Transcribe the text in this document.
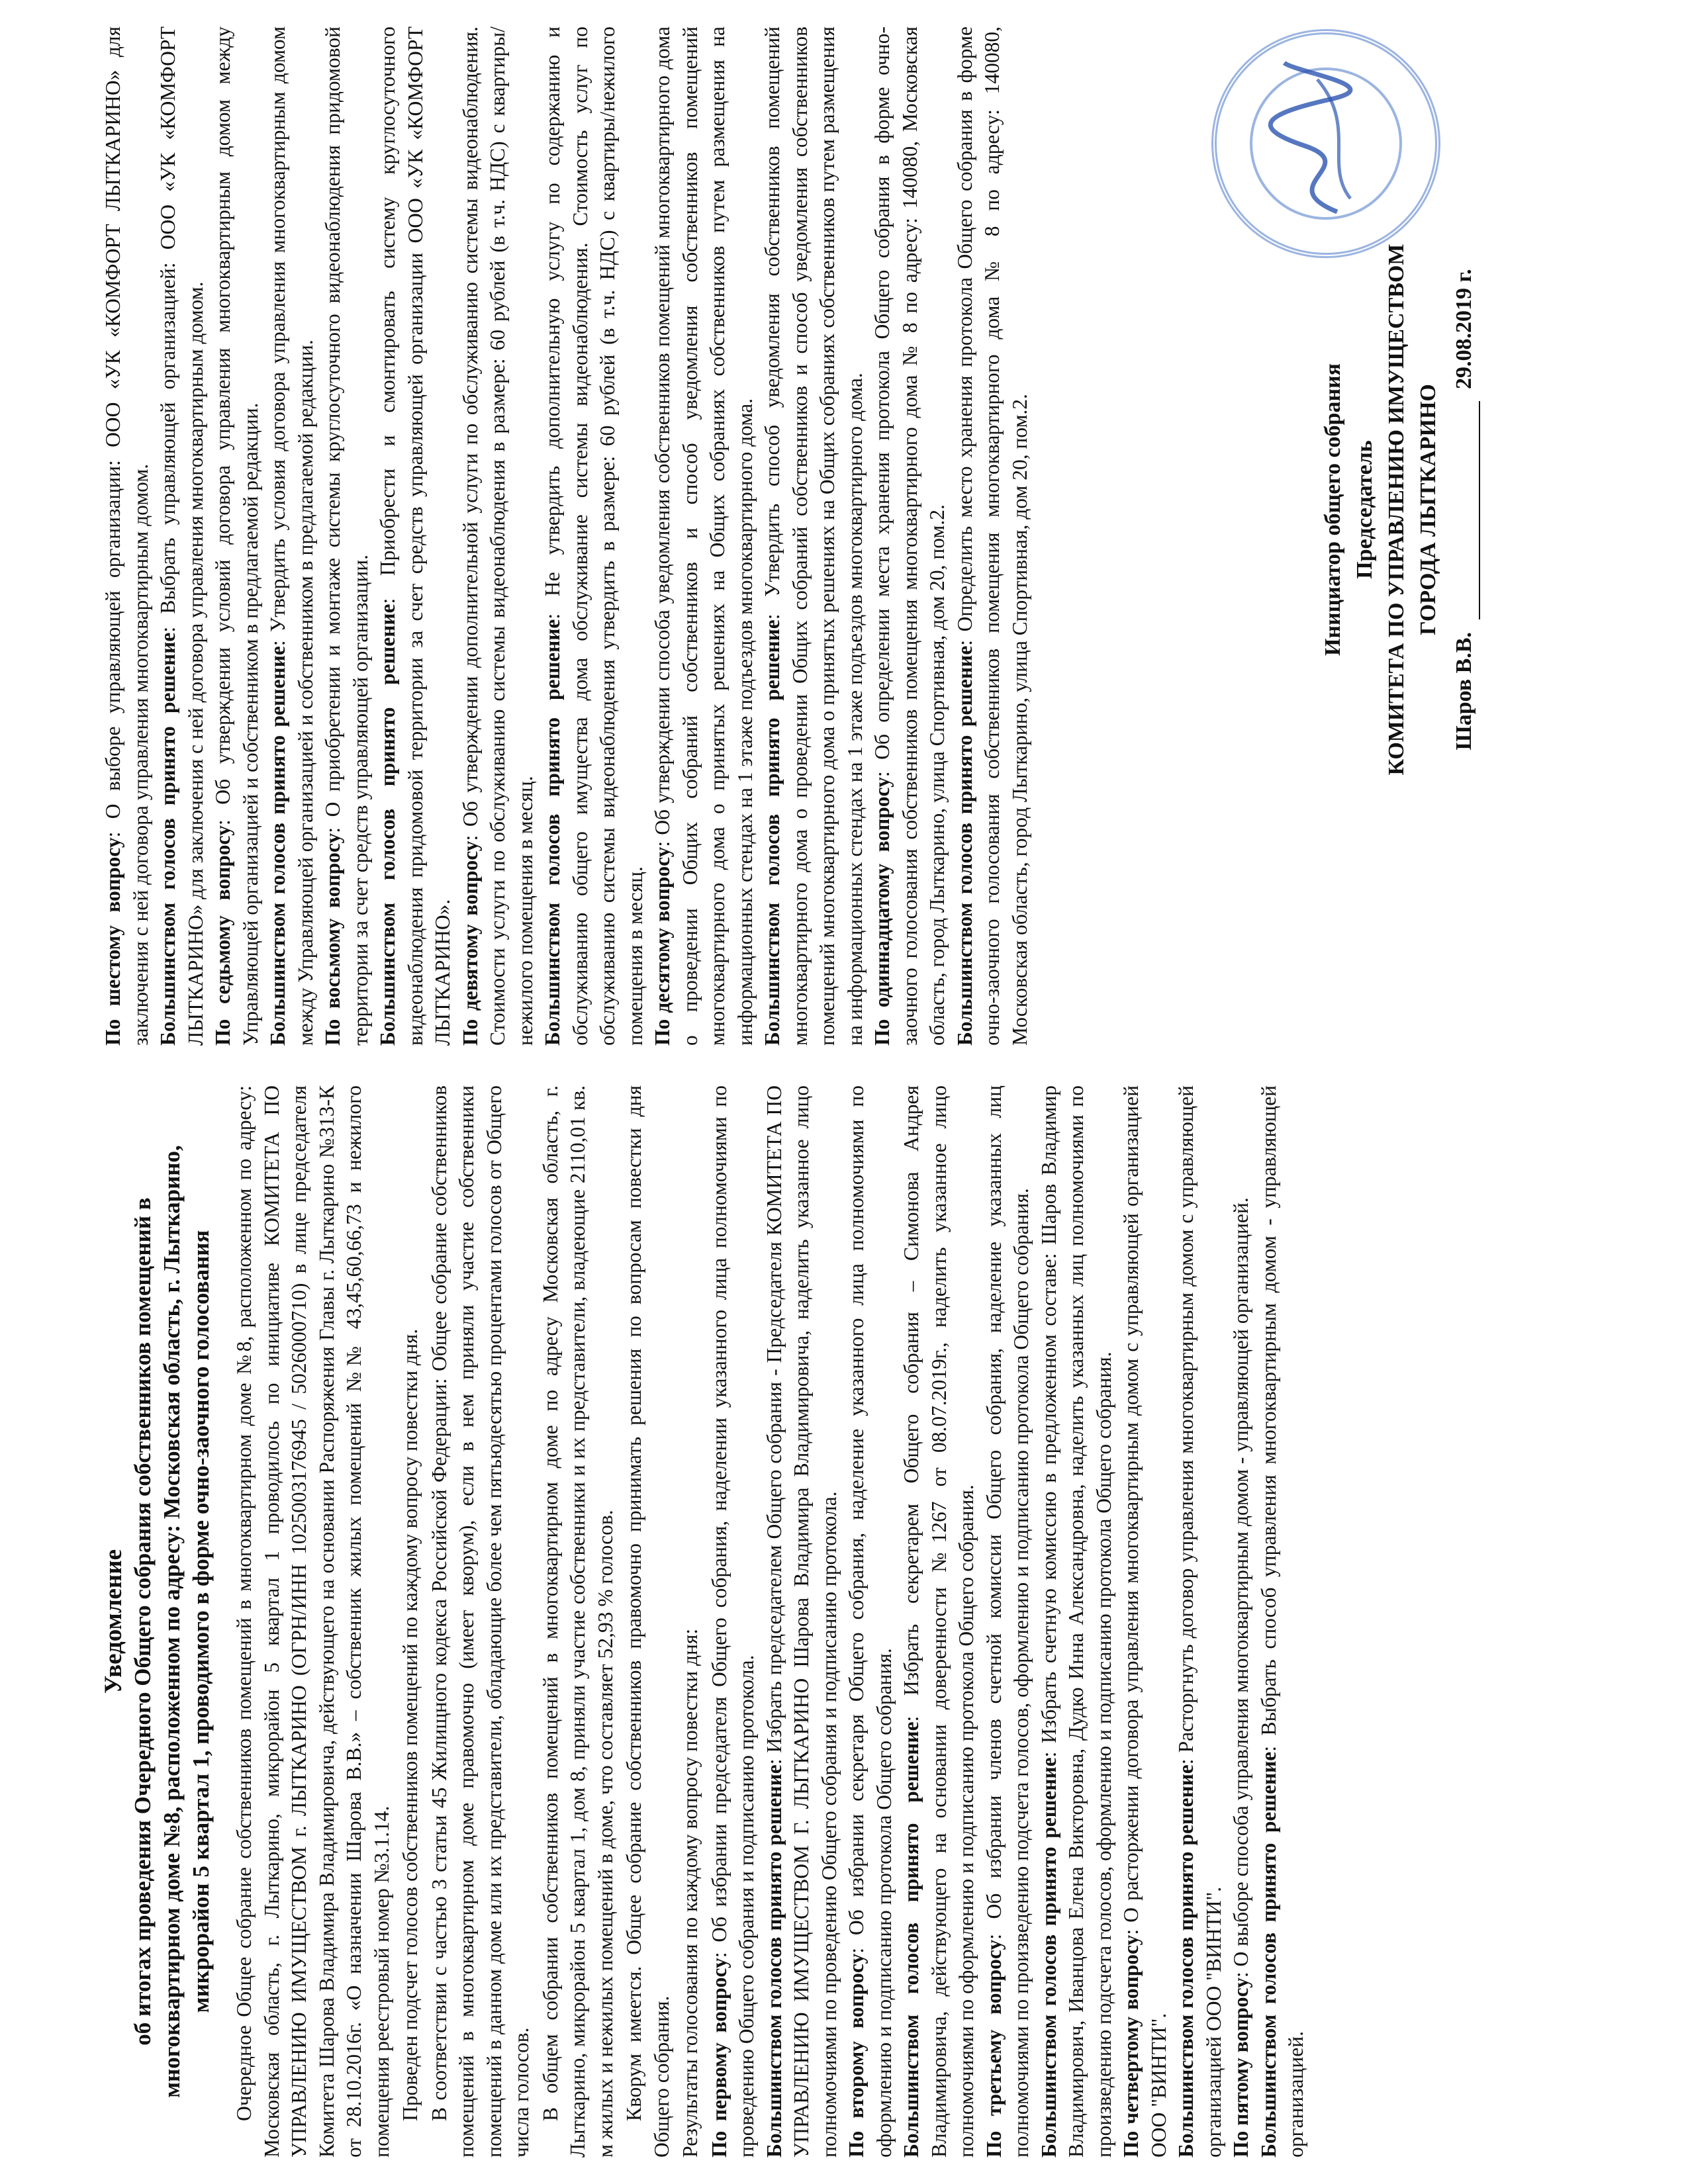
Уведомление об итогах проведения Очередного Общего собрания собственников помещений в многоквартирном доме №8, расположенном по адресу: Московская область, г. Лыткарино, микрорайон 5 квартал 1, проводимого в форме очно-заочного голосования Очередное Общее собрание собственников помещений в многоквартирном доме №8, расположенном по адресу: Московская область, г. Лыткарино, микрорайон 5 квартал 1 проводилось по инициативе КОМИТЕТА ПО УПРАВЛЕНИЮ ИМУЩЕСТВОМ г. ЛЫТКАРИНО (ОГРН/ИНН 1025003176945 / 5026000710) в лице председателя Комитета Шарова Владимира Владимировича, действующего на основании Распоряжения Главы г. Лыткарино №313-К от 28.10.2016г. «О назначении Шарова В.В.» – собственник жилых помещений №№ 43,45,60,66,73 и нежилого помещения реестровый номер №3.1.14. Проведен подсчет голосов собственников помещений по каждому вопросу повестки дня. В соответствии с частью 3 статьи 45 Жилищного кодекса Российской Федерации: Общее собрание собственников помещений в многоквартирном доме правомочно (имеет кворум), если в нем приняли участие собственники помещений в данном доме или их представители, обладающие более чем пятьюдесятью процентами голосов от Общего числа голосов. В общем собрании собственников помещений в многоквартирном доме по адресу Московская область, г. Лыткарино, микрорайон 5 квартал 1, дом 8, приняли участие собственники и их представители, владеющие 2110,01 кв. м жилых и нежилых помещений в доме, что составляет 52,93 % голосов. Кворум имеется. Общее собрание собственников правомочно принимать решения по вопросам повестки дня Общего собрания. Результаты голосования по каждому вопросу повестки дня: По первому вопросу: Об избрании председателя Общего собрания, наделении указанного лица полномочиями по проведению Общего собрания и подписанию протокола. Большинством голосов принято решение: Избрать председателем Общего собрания - Председателя КОМИТЕТА ПО УПРАВЛЕНИЮ ИМУЩЕСТВОМ Г. ЛЫТКАРИНО Шарова Владимира Владимировича, наделить указанное лицо полномочиями по проведению Общего собрания и подписанию протокола. По второму вопросу: Об избрании секретаря Общего собрания, наделение указанного лица полномочиями по оформлению и подписанию протокола Общего собрания. Большинством голосов принято решение: Избрать секретарем Общего собрания – Симонова Андрея Владимировича, действующего на основании доверенности №1267 от 08.07.2019г., наделить указанное лицо полномочиями по оформлению и подписанию протокола Общего собрания. По третьему вопросу: Об избрании членов счетной комиссии Общего собрания, наделение указанных лиц полномочиями по произведению подсчета голосов, оформлению и подписанию протокола Общего собрания. Большинством голосов принято решение: Избрать счетную комиссию в предложенном составе: Шаров Владимир Владимирович, Иванцова Елена Викторовна, Дудко Инна Александровна, наделить указанных лиц полномочиями по произведению подсчета голосов, оформлению и подписанию протокола Общего собрания. По четвертому вопросу: О расторжении договора управления многоквартирным домом с управляющей организацией ООО "ВИНТИ". Большинством голосов принято решение: Расторгнуть договор управления многоквартирным домом с управляющей организацией ООО "ВИНТИ". По пятому вопросу: О выборе способа управления многоквартирным домом - управляющей организацией. Большинством голосов принято решение: Выбрать способ управления многоквартирным домом - управляющей организацией.

По шестому вопросу: О выборе управляющей организации: ООО «УК «КОМФОРТ ЛЫТКАРИНО» для заключения с ней договора управления многоквартирным домом. Большинством голосов принято решение: Выбрать управляющей организацией: ООО «УК «КОМФОРТ ЛЫТКАРИНО» для заключения с ней договора управления многоквартирным домом. По седьмому вопросу: Об утверждении условий договора управления многоквартирным домом между Управляющей организацией и собственником в предлагаемой редакции. Большинством голосов принято решение: Утвердить условия договора управления многоквартирным домом между Управляющей организацией и собственником в предлагаемой редакции. По восьмому вопросу: О приобретении и монтаже системы круглосуточного видеонаблюдения придомовой территории за счет средств управляющей организации. Большинством голосов принято решение: Приобрести и смонтировать систему круглосуточного видеонаблюдения придомовой территории за счет средств управляющей организации ООО «УК «КОМФОРТ ЛЫТКАРИНО». По девятому вопросу: Об утверждении дополнительной услуги по обслуживанию системы видеонаблюдения. Стоимости услуги по обслуживанию системы видеонаблюдения в размере: 60 рублей (в т.ч. НДС) с квартиры/нежилого помещения в месяц. Большинством голосов принято решение: Не утвердить дополнительную услугу по содержанию и обслуживанию общего имущества дома обслуживание системы видеонаблюдения. Стоимость услуг по обслуживанию системы видеонаблюдения утвердить в размере: 60 рублей (в т.ч. НДС) с квартиры/нежилого помещения в месяц. По десятому вопросу: Об утверждении способа уведомления собственников помещений многоквартирного дома о проведении Общих собраний собственников и способ уведомления собственников помещений многоквартирного дома о принятых решениях на Общих собраниях собственников путем размещения на информационных стендах на 1 этаже подъездов многоквартирного дома. Большинством голосов принято решение: Утвердить способ уведомления собственников помещений многоквартирного дома о проведении Общих собраний собственников и способ уведомления собственников помещений многоквартирного дома о принятых решениях на Общих собраниях собственников путем размещения на информационных стендах на 1 этаже подъездов многоквартирного дома. По одиннадцатому вопросу: Об определении места хранения протокола Общего собрания в форме очно-заочного голосования собственников помещения многоквартирного дома № 8 по адресу: 140080, Московская область, город Лыткарино, улица Спортивная, дом 20, пом.2. Большинством голосов принято решение: Определить место хранения протокола Общего собрания в форме очно-заочного голосования собственников помещения многоквартирного дома № 8 по адресу: 140080, Московская область, город Лыткарино, улица Спортивная, дом 20, пом.2.	Инициатор общего собрания Председатель КОМИТЕТА ПО УПРАВЛЕНИЮ ИМУЩЕСТВОМ ГОРОДА ЛЫТКАРИНО
Шаров В.В.  29.08.2019 г.
